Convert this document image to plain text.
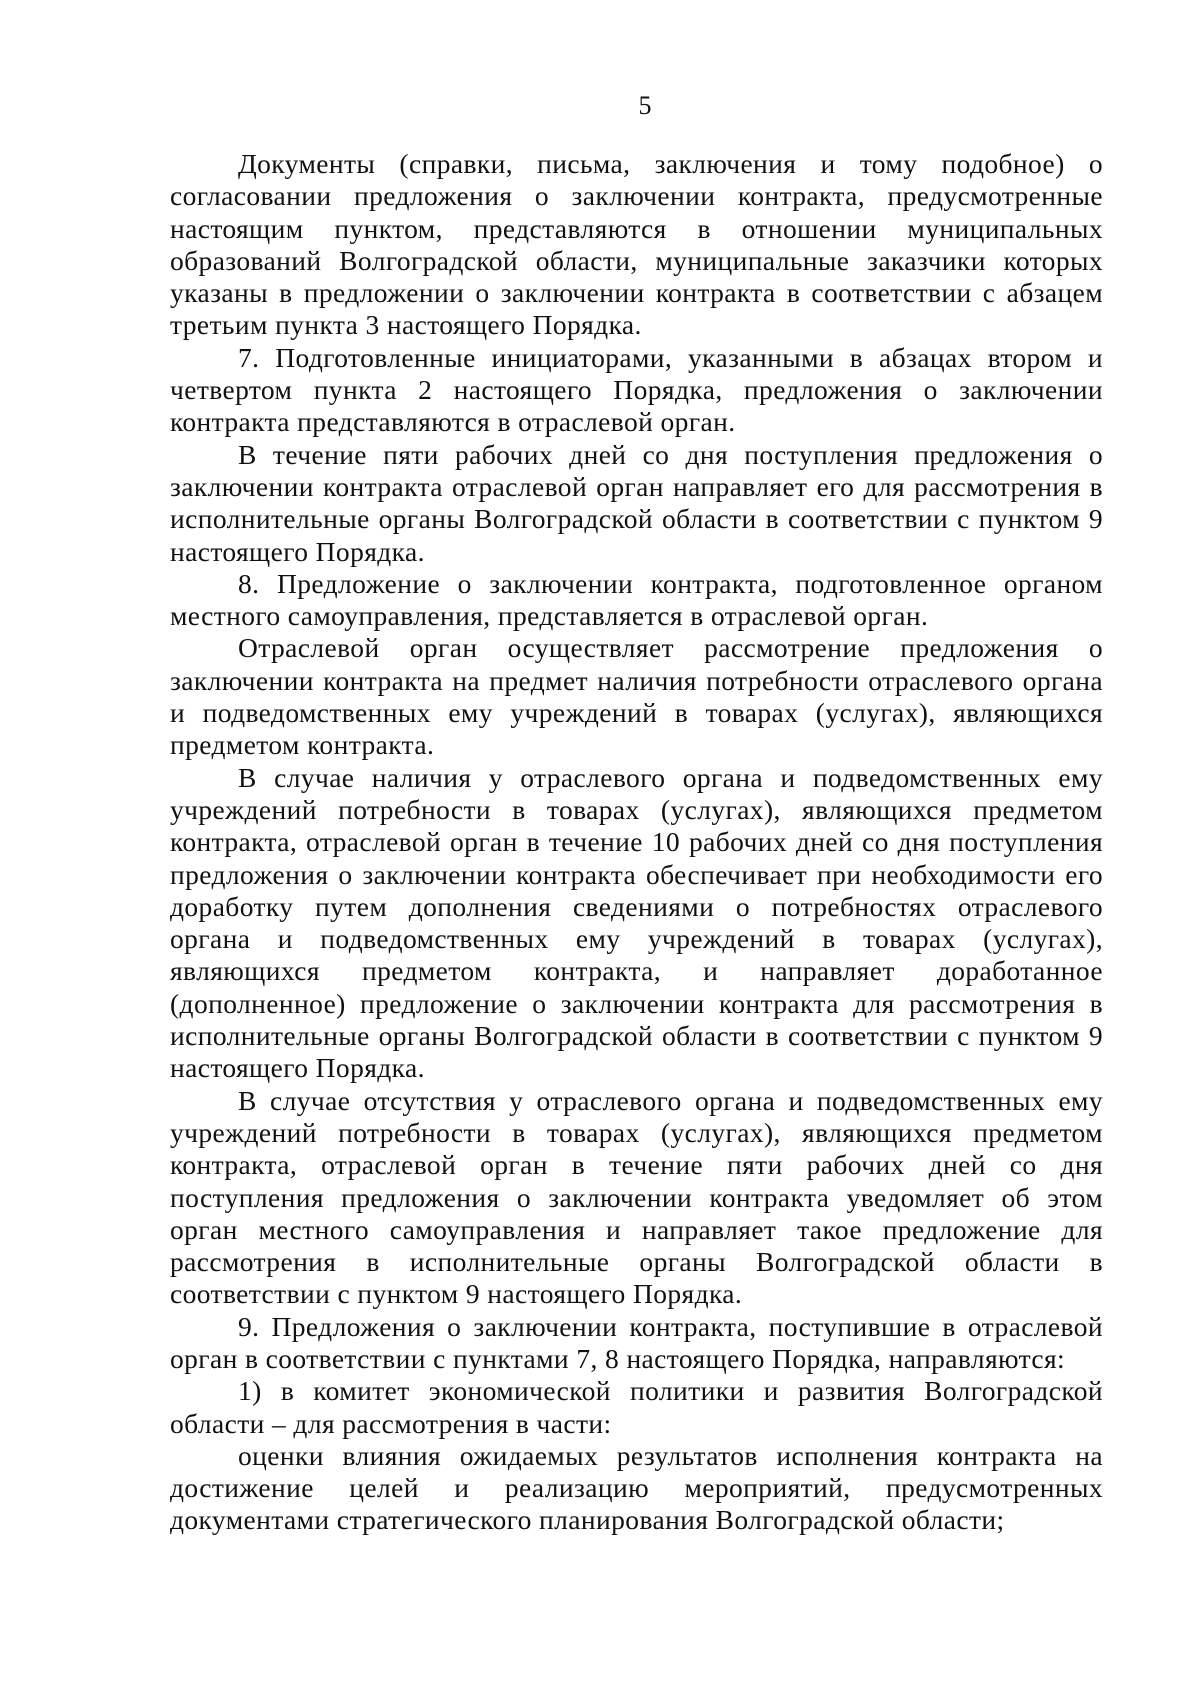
5

Документы (справки, письма, заключения и тому подобное) о согласовании предложения о заключении контракта, предусмотренные настоящим пунктом, представляются в отношении муниципальных образований Волгоградской области, муниципальные заказчики которых указаны в предложении о заключении контракта в соответствии с абзацем третьим пункта 3 настоящего Порядка.

7. Подготовленные инициаторами, указанными в абзацах втором и четвертом пункта 2 настоящего Порядка, предложения о заключении контракта представляются в отраслевой орган.

В течение пяти рабочих дней со дня поступления предложения о заключении контракта отраслевой орган направляет его для рассмотрения в исполнительные органы Волгоградской области в соответствии с пунктом 9 настоящего Порядка.

8. Предложение о заключении контракта, подготовленное органом местного самоуправления, представляется в отраслевой орган.

Отраслевой орган осуществляет рассмотрение предложения о заключении контракта на предмет наличия потребности отраслевого органа и подведомственных ему учреждений в товарах (услугах), являющихся предметом контракта.

В случае наличия у отраслевого органа и подведомственных ему учреждений потребности в товарах (услугах), являющихся предметом контракта, отраслевой орган в течение 10 рабочих дней со дня поступления предложения о заключении контракта обеспечивает при необходимости его доработку путем дополнения сведениями о потребностях отраслевого органа и подведомственных ему учреждений в товарах (услугах), являющихся предметом контракта, и направляет доработанное (дополненное) предложение о заключении контракта для рассмотрения в исполнительные органы Волгоградской области в соответствии с пунктом 9 настоящего Порядка.

В случае отсутствия у отраслевого органа и подведомственных ему учреждений потребности в товарах (услугах), являющихся предметом контракта, отраслевой орган в течение пяти рабочих дней со дня поступления предложения о заключении контракта уведомляет об этом орган местного самоуправления и направляет такое предложение для рассмотрения в исполнительные органы Волгоградской области в соответствии с пунктом 9 настоящего Порядка.

9. Предложения о заключении контракта, поступившие в отраслевой орган в соответствии с пунктами 7, 8 настоящего Порядка, направляются:

1) в комитет экономической политики и развития Волгоградской области – для рассмотрения в части:

оценки влияния ожидаемых результатов исполнения контракта на достижение целей и реализацию мероприятий, предусмотренных документами стратегического планирования Волгоградской области;
